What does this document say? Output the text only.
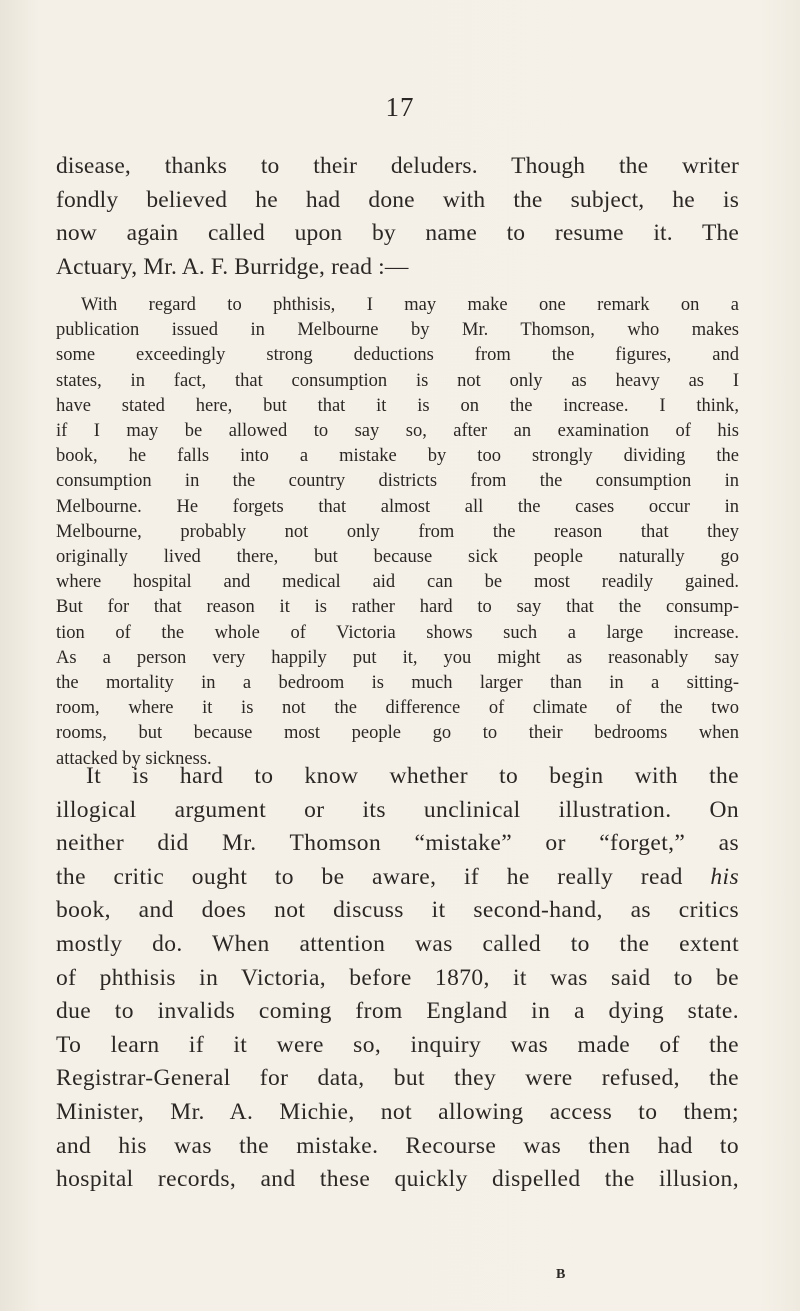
17
disease, thanks to their deluders. Though the writer
fondly believed he had done with the subject, he is
now again called upon by name to resume it. The
Actuary, Mr. A. F. Burridge, read :—
With regard to phthisis, I may make one remark on a
publication issued in Melbourne by Mr. Thomson, who makes
some exceedingly strong deductions from the figures, and
states, in fact, that consumption is not only as heavy as I
have stated here, but that it is on the increase. I think,
if I may be allowed to say so, after an examination of his
book, he falls into a mistake by too strongly dividing the
consumption in the country districts from the consumption in
Melbourne. He forgets that almost all the cases occur in
Melbourne, probably not only from the reason that they
originally lived there, but because sick people naturally go
where hospital and medical aid can be most readily gained.
But for that reason it is rather hard to say that the consump-
tion of the whole of Victoria shows such a large increase.
As a person very happily put it, you might as reasonably say
the mortality in a bedroom is much larger than in a sitting-
room, where it is not the difference of climate of the two
rooms, but because most people go to their bedrooms when
attacked by sickness.
It is hard to know whether to begin with the
illogical argument or its unclinical illustration. On
neither did Mr. Thomson “mistake” or “forget,” as
the critic ought to be aware, if he really read his
book, and does not discuss it second-hand, as critics
mostly do. When attention was called to the extent
of phthisis in Victoria, before 1870, it was said to be
due to invalids coming from England in a dying state.
To learn if it were so, inquiry was made of the
Registrar-General for data, but they were refused, the
Minister, Mr. A. Michie, not allowing access to them;
and his was the mistake. Recourse was then had to
hospital records, and these quickly dispelled the illusion,
B
